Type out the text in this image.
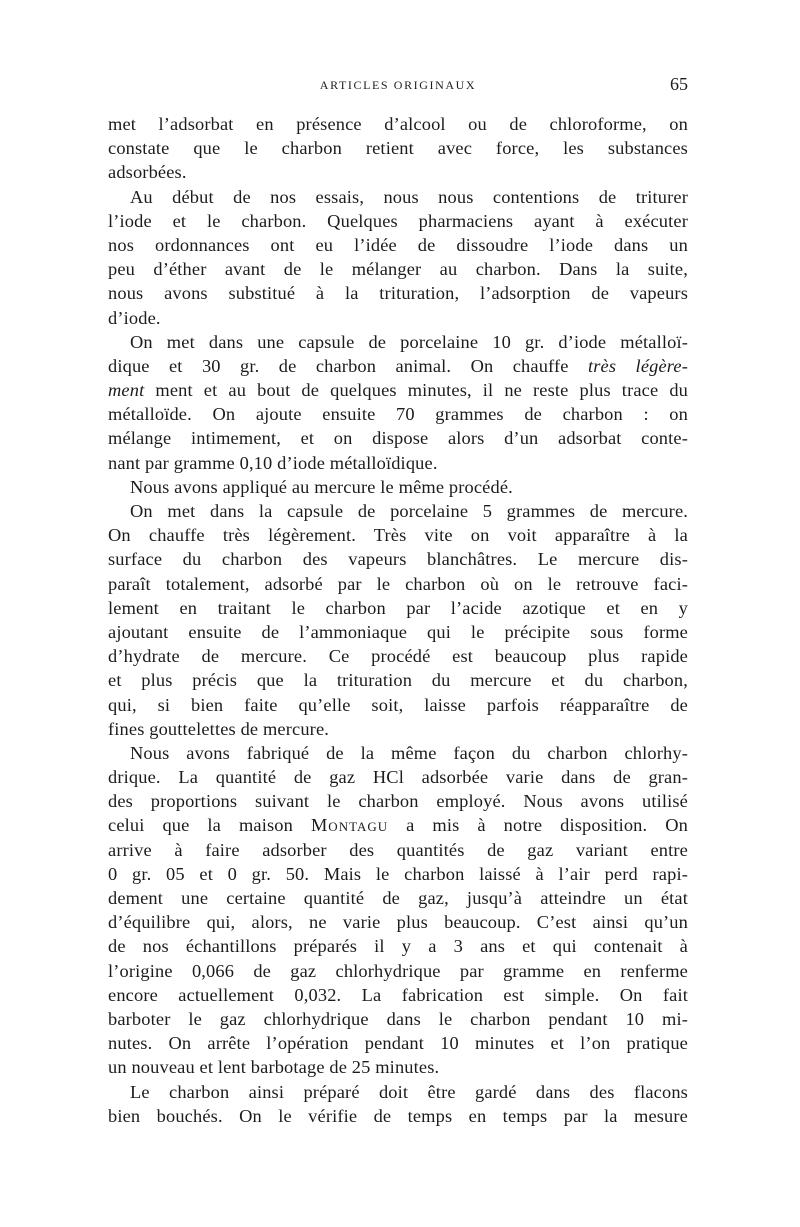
ARTICLES ORIGINAUX	65
met l’adsorbat en présence d’alcool ou de chloroforme, on
constate que le charbon retient avec force, les substances
adsorbées.
Au début de nos essais, nous nous contentions de triturer
l’iode et le charbon. Quelques pharmaciens ayant à exécuter
nos ordonnances ont eu l’idée de dissoudre l’iode dans un
peu d’éther avant de le mélanger au charbon. Dans la suite,
nous avons substitué à la trituration, l’adsorption de vapeurs
d’iode.
On met dans une capsule de porcelaine 10 gr. d’iode métalloï-
dique et 30 gr. de charbon animal. On chauffe très légère-
ment ment et au bout de quelques minutes, il ne reste plus trace du
métalloïde. On ajoute ensuite 70 grammes de charbon : on
mélange intimement, et on dispose alors d’un adsorbat conte-
nant par gramme 0,10 d’iode métalloïdique.
Nous avons appliqué au mercure le même procédé.
On met dans la capsule de porcelaine 5 grammes de mercure.
On chauffe très légèrement. Très vite on voit apparaître à la
surface du charbon des vapeurs blanchâtres. Le mercure dis-
paraît totalement, adsorbé par le charbon où on le retrouve faci-
lement en traitant le charbon par l’acide azotique et en y
ajoutant ensuite de l’ammoniaque qui le précipite sous forme
d’hydrate de mercure. Ce procédé est beaucoup plus rapide
et plus précis que la trituration du mercure et du charbon,
qui, si bien faite qu’elle soit, laisse parfois réapparaître de
fines gouttelettes de mercure.
Nous avons fabriqué de la même façon du charbon chlorhy-
drique. La quantité de gaz HCl adsorbée varie dans de gran-
des proportions suivant le charbon employé. Nous avons utilisé
celui que la maison Montagu a mis à notre disposition. On
arrive à faire adsorber des quantités de gaz variant entre
0 gr. 05 et 0 gr. 50. Mais le charbon laissé à l’air perd rapi-
dement une certaine quantité de gaz, jusqu’à atteindre un état
d’équilibre qui, alors, ne varie plus beaucoup. C’est ainsi qu’un
de nos échantillons préparés il y a 3 ans et qui contenait à
l’origine 0,066 de gaz chlorhydrique par gramme en renferme
encore actuellement 0,032. La fabrication est simple. On fait
barboter le gaz chlorhydrique dans le charbon pendant 10 mi-
nutes. On arrête l’opération pendant 10 minutes et l’on pratique
un nouveau et lent barbotage de 25 minutes.
Le charbon ainsi préparé doit être gardé dans des flacons
bien bouchés. On le vérifie de temps en temps par la mesure
